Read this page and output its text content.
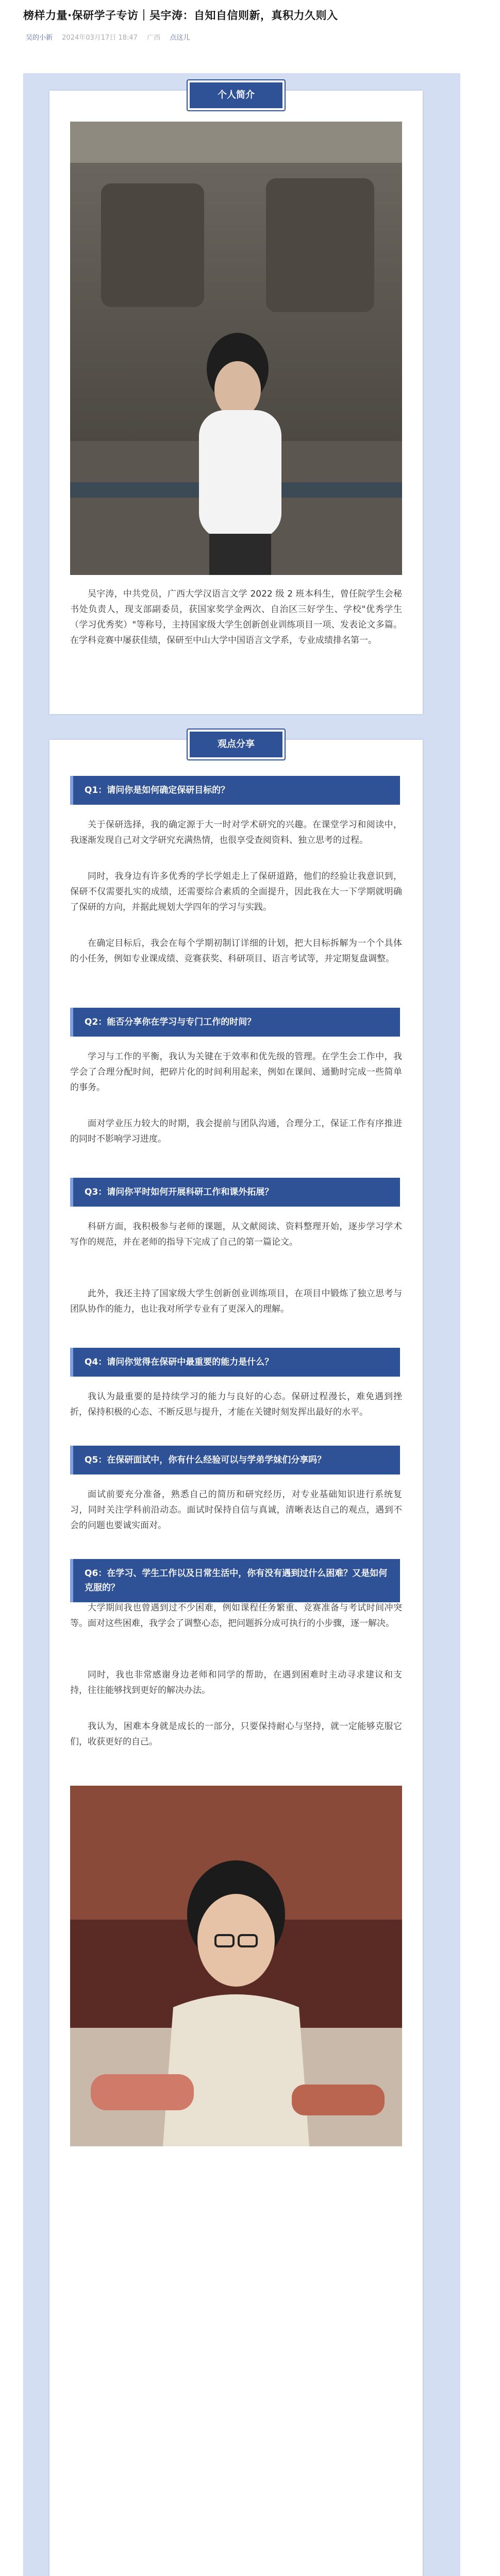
榜样力量·保研学子专访｜吴宇涛：自知自信则新，真积力久则入
吴的小新 2024年03月17日 18:47 广西 点这儿
个人简介
吴宇涛，中共党员，广西大学汉语言文学 2022 级 2 班本科生，曾任院学生会秘书处负责人，现支部副委员，获国家奖学金两次、自治区三好学生、学校"优秀学生（学习优秀奖）"等称号，主持国家级大学生创新创业训练项目一项、发表论文多篇。在学科竞赛中屡获佳绩，保研至中山大学中国语言文学系，专业成绩排名第一。
观点分享
Q1：请问你是如何确定保研目标的？
关于保研选择，我的确定源于大一时对学术研究的兴趣。在课堂学习和阅读中，我逐渐发现自己对文学研究充满热情，也很享受查阅资料、独立思考的过程。
同时，我身边有许多优秀的学长学姐走上了保研道路，他们的经验让我意识到，保研不仅需要扎实的成绩，还需要综合素质的全面提升，因此我在大一下学期就明确了保研的方向，并据此规划大学四年的学习与实践。
在确定目标后，我会在每个学期初制订详细的计划，把大目标拆解为一个个具体的小任务，例如专业课成绩、竞赛获奖、科研项目、语言考试等，并定期复盘调整。
Q2：能否分享你在学习与专门工作的时间？
学习与工作的平衡，我认为关键在于效率和优先级的管理。在学生会工作中，我学会了合理分配时间，把碎片化的时间利用起来，例如在课间、通勤时完成一些简单的事务。
面对学业压力较大的时期，我会提前与团队沟通，合理分工，保证工作有序推进的同时不影响学习进度。
Q3：请问你平时如何开展科研工作和课外拓展？
科研方面，我积极参与老师的课题，从文献阅读、资料整理开始，逐步学习学术写作的规范，并在老师的指导下完成了自己的第一篇论文。
此外，我还主持了国家级大学生创新创业训练项目，在项目中锻炼了独立思考与团队协作的能力，也让我对所学专业有了更深入的理解。
Q4：请问你觉得在保研中最重要的能力是什么？
我认为最重要的是持续学习的能力与良好的心态。保研过程漫长，难免遇到挫折，保持积极的心态、不断反思与提升，才能在关键时刻发挥出最好的水平。
Q5：在保研面试中，你有什么经验可以与学弟学妹们分享吗？
面试前要充分准备，熟悉自己的简历和研究经历，对专业基础知识进行系统复习，同时关注学科前沿动态。面试时保持自信与真诚，清晰表达自己的观点，遇到不会的问题也要诚实面对。
Q6：在学习、学生工作以及日常生活中，你有没有遇到过什么困难？又是如何克服的？
大学期间我也曾遇到过不少困难，例如课程任务繁重、竞赛准备与考试时间冲突等。面对这些困难，我学会了调整心态，把问题拆分成可执行的小步骤，逐一解决。
同时，我也非常感谢身边老师和同学的帮助，在遇到困难时主动寻求建议和支持，往往能够找到更好的解决办法。
我认为，困难本身就是成长的一部分，只要保持耐心与坚持，就一定能够克服它们，收获更好的自己。
